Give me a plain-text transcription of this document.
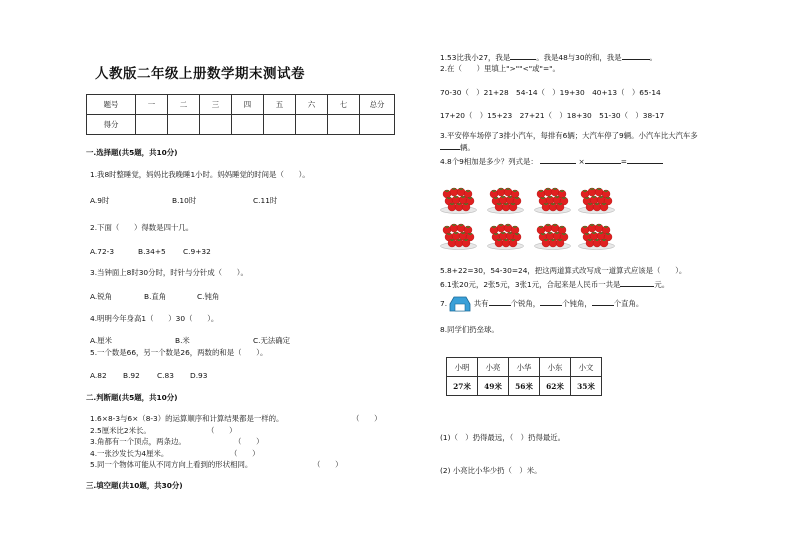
人教版二年级上册数学期末测试卷
题号	一	二	三	四	五	六	七	总分
得分								
一.选择题(共5题，共10分)
1.我8时整睡觉，妈妈比我晚睡1小时。妈妈睡觉的时间是（　　）。
A.9时	B.10时	C.11时
2.下面（　　）得数是四十几。
A.72-3	B.34+5 C.9+32
3.当钟面上8时30分时，时针与分针成（　　）。
A.锐角	B.直角	C.钝角
4.明明今年身高1（　　）30（　　）。
A.厘米	B.米	C.无法确定
5.一个数是66，另一个数是26，两数的和是（　　）。
A.82 B.92 C.83 D.93
二.判断题(共5题，共10分)
1.6×8-3与6×（8-3）的运算顺序和计算结果都是一样的。	（　　）
2.5厘米比2米长。	（　　）
3.角都有一个顶点，两条边。	（　　）
4.一张沙发长为4厘米。	（　　）
5.同一个物体可能从不同方向上看到的形状相同。	（　　）
三.填空题(共10题，共30分)
1.53比我小27，我是	。我是48与30的和，我是	。
2.在（　　）里填上">""<"或"="。
70-30（　）21+28　54-14（　）19+30　40+13（　）65-14
17+20（　）15+23　27+21（　）18+30　51-30（　）38-17
3.平安停车场停了3排小汽车，每排有6辆；大汽车停了9辆。小汽车比大汽车多
辆。
4.8个9相加是多少？列式是：	×	=
5.8+22=30，54-30=24，把这两道算式改写成一道算式应该是（　　）。
6.1张20元，2张5元，3张1元，合起来是人民币一共是	元。
7.	共有	个锐角，	个钝角，	个直角。
8.同学们扔垒球。
小明	小亮	小华	小东	小文
27米	49米	56米	62米	35米
(1)（　）扔得最远，（　）扔得最近。
(2) 小亮比小华少扔（　）米。
